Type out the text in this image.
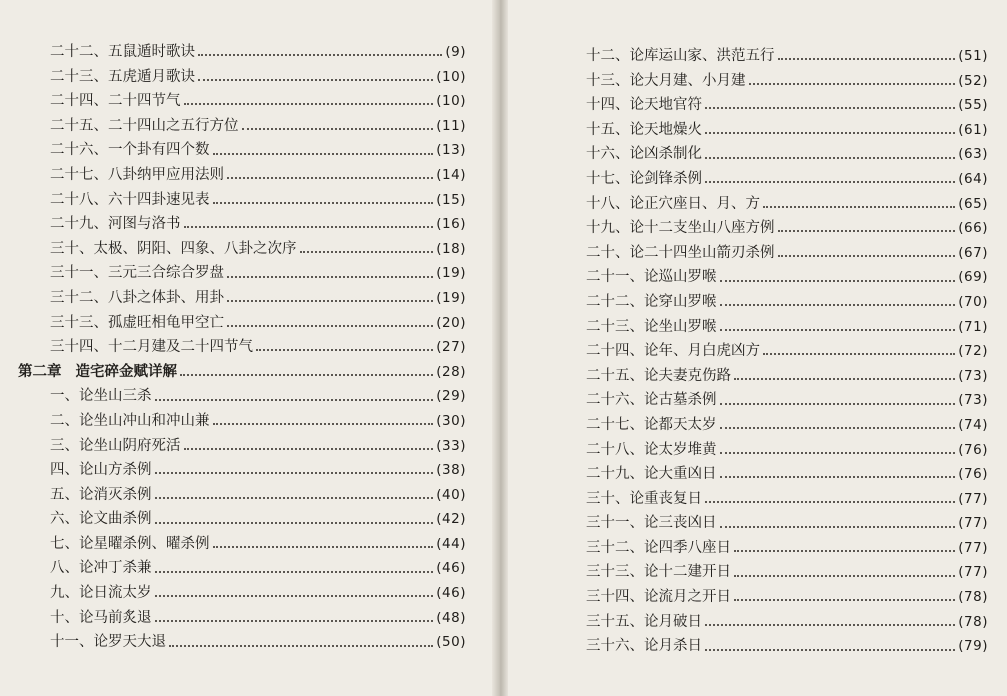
二十二、五鼠遁时歌诀	(9)
二十三、五虎遁月歌诀	(10)
二十四、二十四节气	(10)
二十五、二十四山之五行方位	(11)
二十六、一个卦有四个数	(13)
二十七、八卦纳甲应用法则	(14)
二十八、六十四卦速见表	(15)
二十九、河图与洛书	(16)
三十、太极、阴阳、四象、八卦之次序	(18)
三十一、三元三合综合罗盘	(19)
三十二、八卦之体卦、用卦	(19)
三十三、孤虚旺相龟甲空亡	(20)
三十四、十二月建及二十四节气	(27)
第二章 造宅碎金赋详解	(28)
一、论坐山三杀	(29)
二、论坐山冲山和冲山兼	(30)
三、论坐山阴府死活	(33)
四、论山方杀例	(38)
五、论消灭杀例	(40)
六、论文曲杀例	(42)
七、论星曜杀例、曜杀例	(44)
八、论冲丁杀兼	(46)
九、论日流太岁	(46)
十、论马前炙退	(48)
十一、论罗天大退	(50)
十二、论库运山家、洪范五行	(51)
十三、论大月建、小月建	(52)
十四、论天地官符	(55)
十五、论天地燥火	(61)
十六、论凶杀制化	(63)
十七、论剑锋杀例	(64)
十八、论正穴座日、月、方	(65)
十九、论十二支坐山八座方例	(66)
二十、论二十四坐山箭刃杀例	(67)
二十一、论巡山罗喉	(69)
二十二、论穿山罗喉	(70)
二十三、论坐山罗喉	(71)
二十四、论年、月白虎凶方	(72)
二十五、论夫妻克伤路	(73)
二十六、论古墓杀例	(73)
二十七、论都天太岁	(74)
二十八、论太岁堆黄	(76)
二十九、论大重凶日	(76)
三十、论重丧复日	(77)
三十一、论三丧凶日	(77)
三十二、论四季八座日	(77)
三十三、论十二建开日	(77)
三十四、论流月之开日	(78)
三十五、论月破日	(78)
三十六、论月杀日	(79)
